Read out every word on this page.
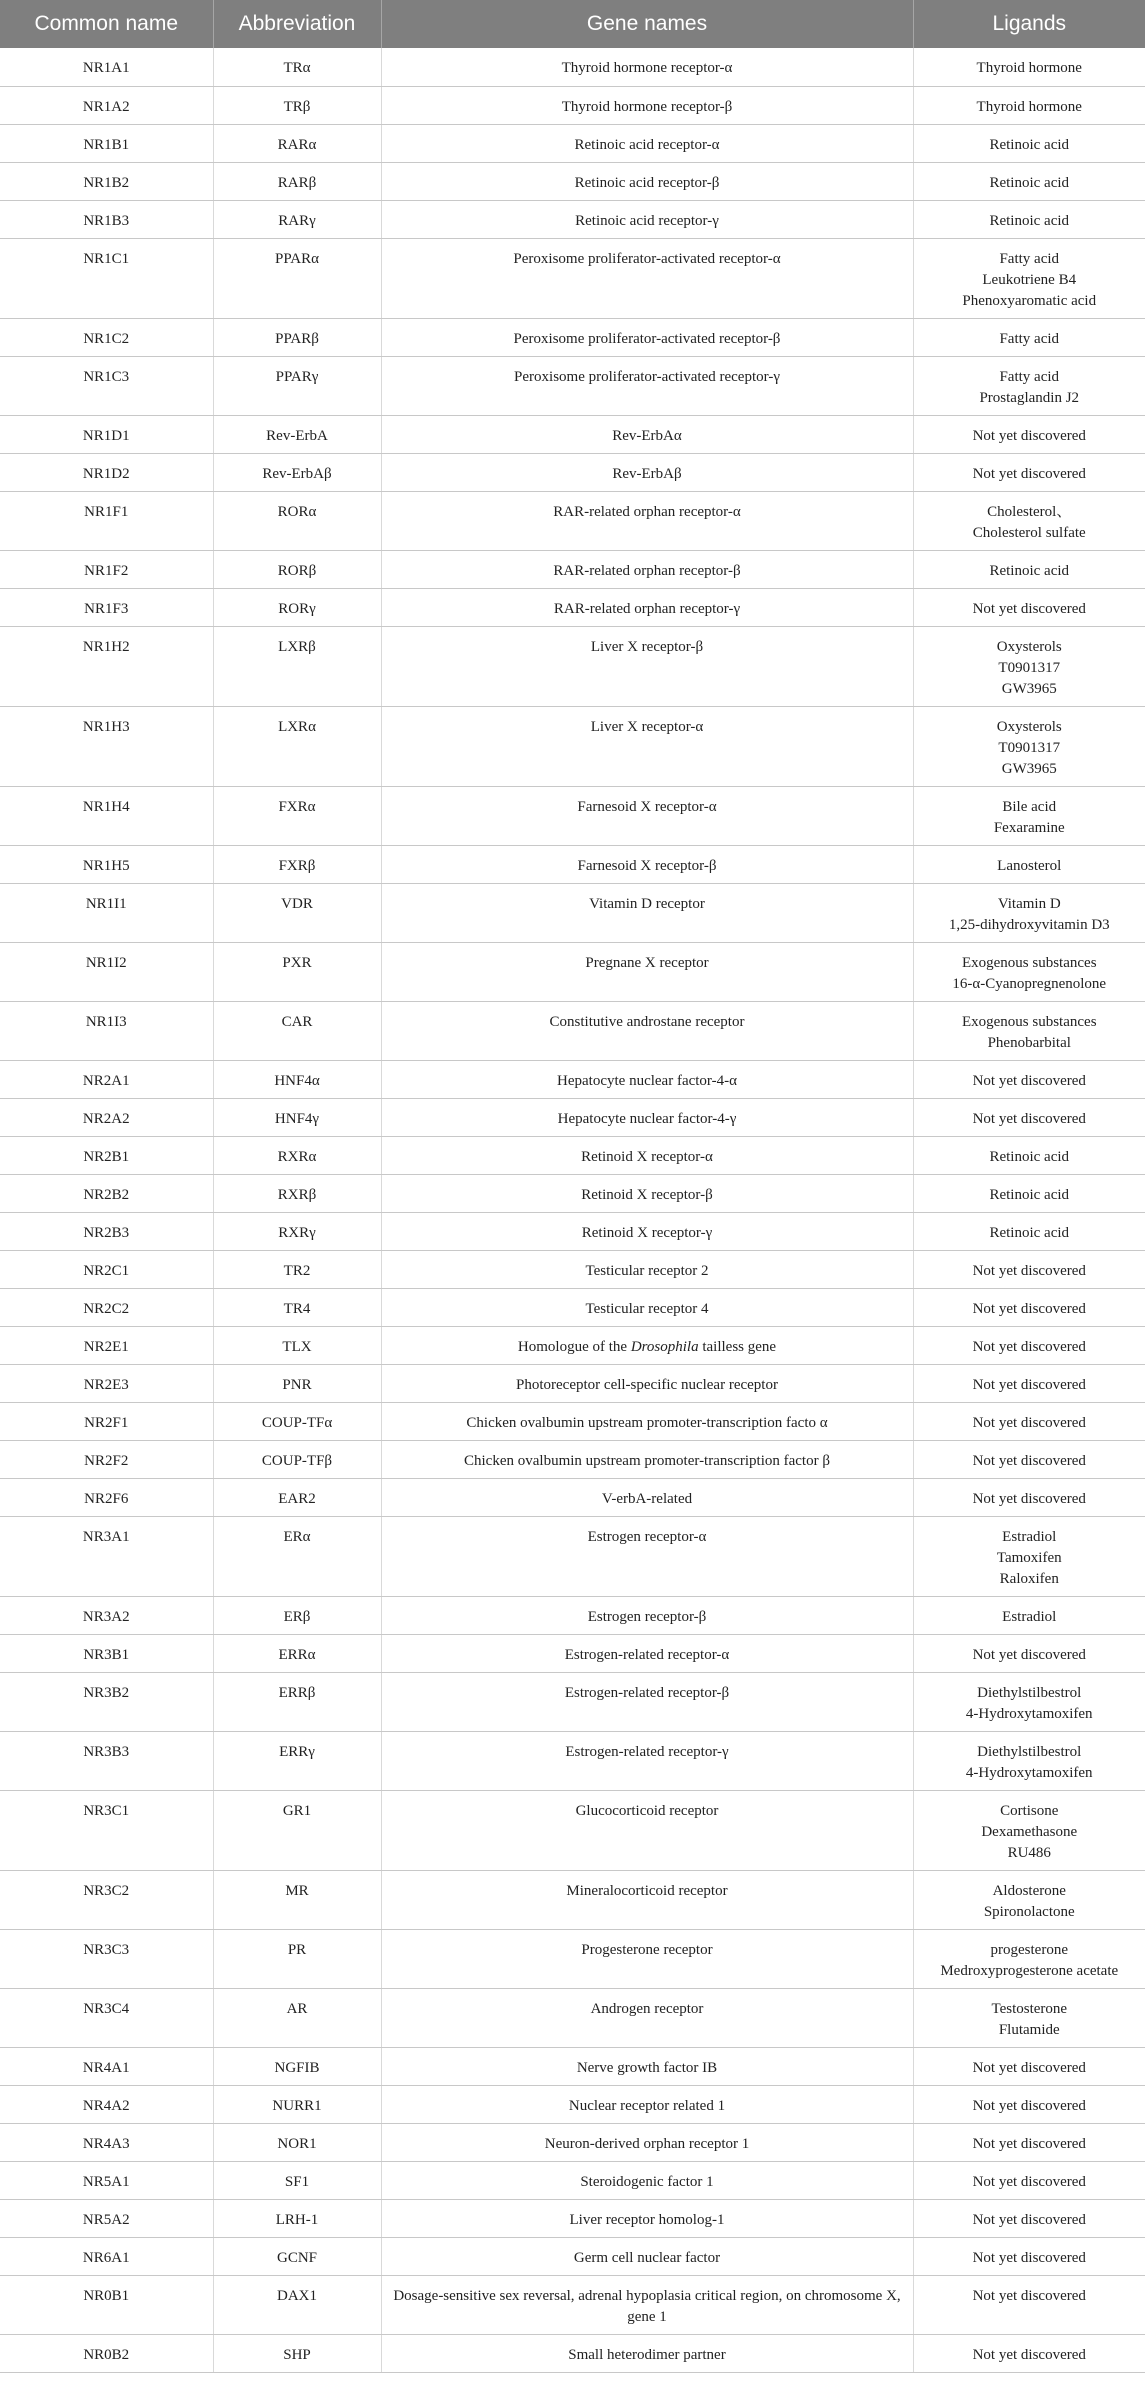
Common name	Abbreviation	Gene names	Ligands
NR1A1	TRα	Thyroid hormone receptor-α	Thyroid hormone

NR1A2	TRβ	Thyroid hormone receptor-β	Thyroid hormone

NR1B1	RARα	Retinoic acid receptor-α	Retinoic acid

NR1B2	RARβ	Retinoic acid receptor-β	Retinoic acid

NR1B3	RARγ	Retinoic acid receptor-γ	Retinoic acid

NR1C1	PPARα	Peroxisome proliferator-activated receptor-α	Fatty acid
Leukotriene B4
Phenoxyaromatic acid

NR1C2	PPARβ	Peroxisome proliferator-activated receptor-β	Fatty acid

NR1C3	PPARγ	Peroxisome proliferator-activated receptor-γ	Fatty acid
Prostaglandin J2

NR1D1	Rev-ErbA	Rev-ErbAα	Not yet discovered

NR1D2	Rev-ErbAβ	Rev-ErbAβ	Not yet discovered

NR1F1	RORα	RAR-related orphan receptor-α	Cholesterol、
Cholesterol sulfate

NR1F2	RORβ	RAR-related orphan receptor-β	Retinoic acid

NR1F3	RORγ	RAR-related orphan receptor-γ	Not yet discovered

NR1H2	LXRβ	Liver X receptor-β	Oxysterols
T0901317
GW3965

NR1H3	LXRα	Liver X receptor-α	Oxysterols
T0901317
GW3965

NR1H4	FXRα	Farnesoid X receptor-α	Bile acid
Fexaramine

NR1H5	FXRβ	Farnesoid X receptor-β	Lanosterol

NR1I1	VDR	Vitamin D receptor	Vitamin D
1,25-dihydroxyvitamin D3

NR1I2	PXR	Pregnane X receptor	Exogenous substances
16-α-Cyanopregnenolone

NR1I3	CAR	Constitutive androstane receptor	Exogenous substances
Phenobarbital

NR2A1	HNF4α	Hepatocyte nuclear factor-4-α	Not yet discovered

NR2A2	HNF4γ	Hepatocyte nuclear factor-4-γ	Not yet discovered

NR2B1	RXRα	Retinoid X receptor-α	Retinoic acid

NR2B2	RXRβ	Retinoid X receptor-β	Retinoic acid

NR2B3	RXRγ	Retinoid X receptor-γ	Retinoic acid

NR2C1	TR2	Testicular receptor 2	Not yet discovered

NR2C2	TR4	Testicular receptor 4	Not yet discovered

NR2E1	TLX	Homologue of the Drosophila tailless gene	Not yet discovered

NR2E3	PNR	Photoreceptor cell-specific nuclear receptor	Not yet discovered

NR2F1	COUP-TFα	Chicken ovalbumin upstream promoter-transcription facto α	Not yet discovered

NR2F2	COUP-TFβ	Chicken ovalbumin upstream promoter-transcription factor β	Not yet discovered

NR2F6	EAR2	V-erbA-related	Not yet discovered

NR3A1	ERα	Estrogen receptor-α	Estradiol
Tamoxifen
Raloxifen

NR3A2	ERβ	Estrogen receptor-β	Estradiol

NR3B1	ERRα	Estrogen-related receptor-α	Not yet discovered

NR3B2	ERRβ	Estrogen-related receptor-β	Diethylstilbestrol
4-Hydroxytamoxifen

NR3B3	ERRγ	Estrogen-related receptor-γ	Diethylstilbestrol
4-Hydroxytamoxifen

NR3C1	GR1	Glucocorticoid receptor	Cortisone
Dexamethasone
RU486

NR3C2	MR	Mineralocorticoid receptor	Aldosterone
Spironolactone

NR3C3	PR	Progesterone receptor	progesterone
Medroxyprogesterone acetate

NR3C4	AR	Androgen receptor	Testosterone
Flutamide

NR4A1	NGFIB	Nerve growth factor IB	Not yet discovered

NR4A2	NURR1	Nuclear receptor related 1	Not yet discovered

NR4A3	NOR1	Neuron-derived orphan receptor 1	Not yet discovered

NR5A1	SF1	Steroidogenic factor 1	Not yet discovered

NR5A2	LRH-1	Liver receptor homolog-1	Not yet discovered

NR6A1	GCNF	Germ cell nuclear factor	Not yet discovered

NR0B1	DAX1	Dosage-sensitive sex reversal, adrenal hypoplasia critical region, on chromosome X, gene 1	Not yet discovered

NR0B2	SHP	Small heterodimer partner	Not yet discovered
